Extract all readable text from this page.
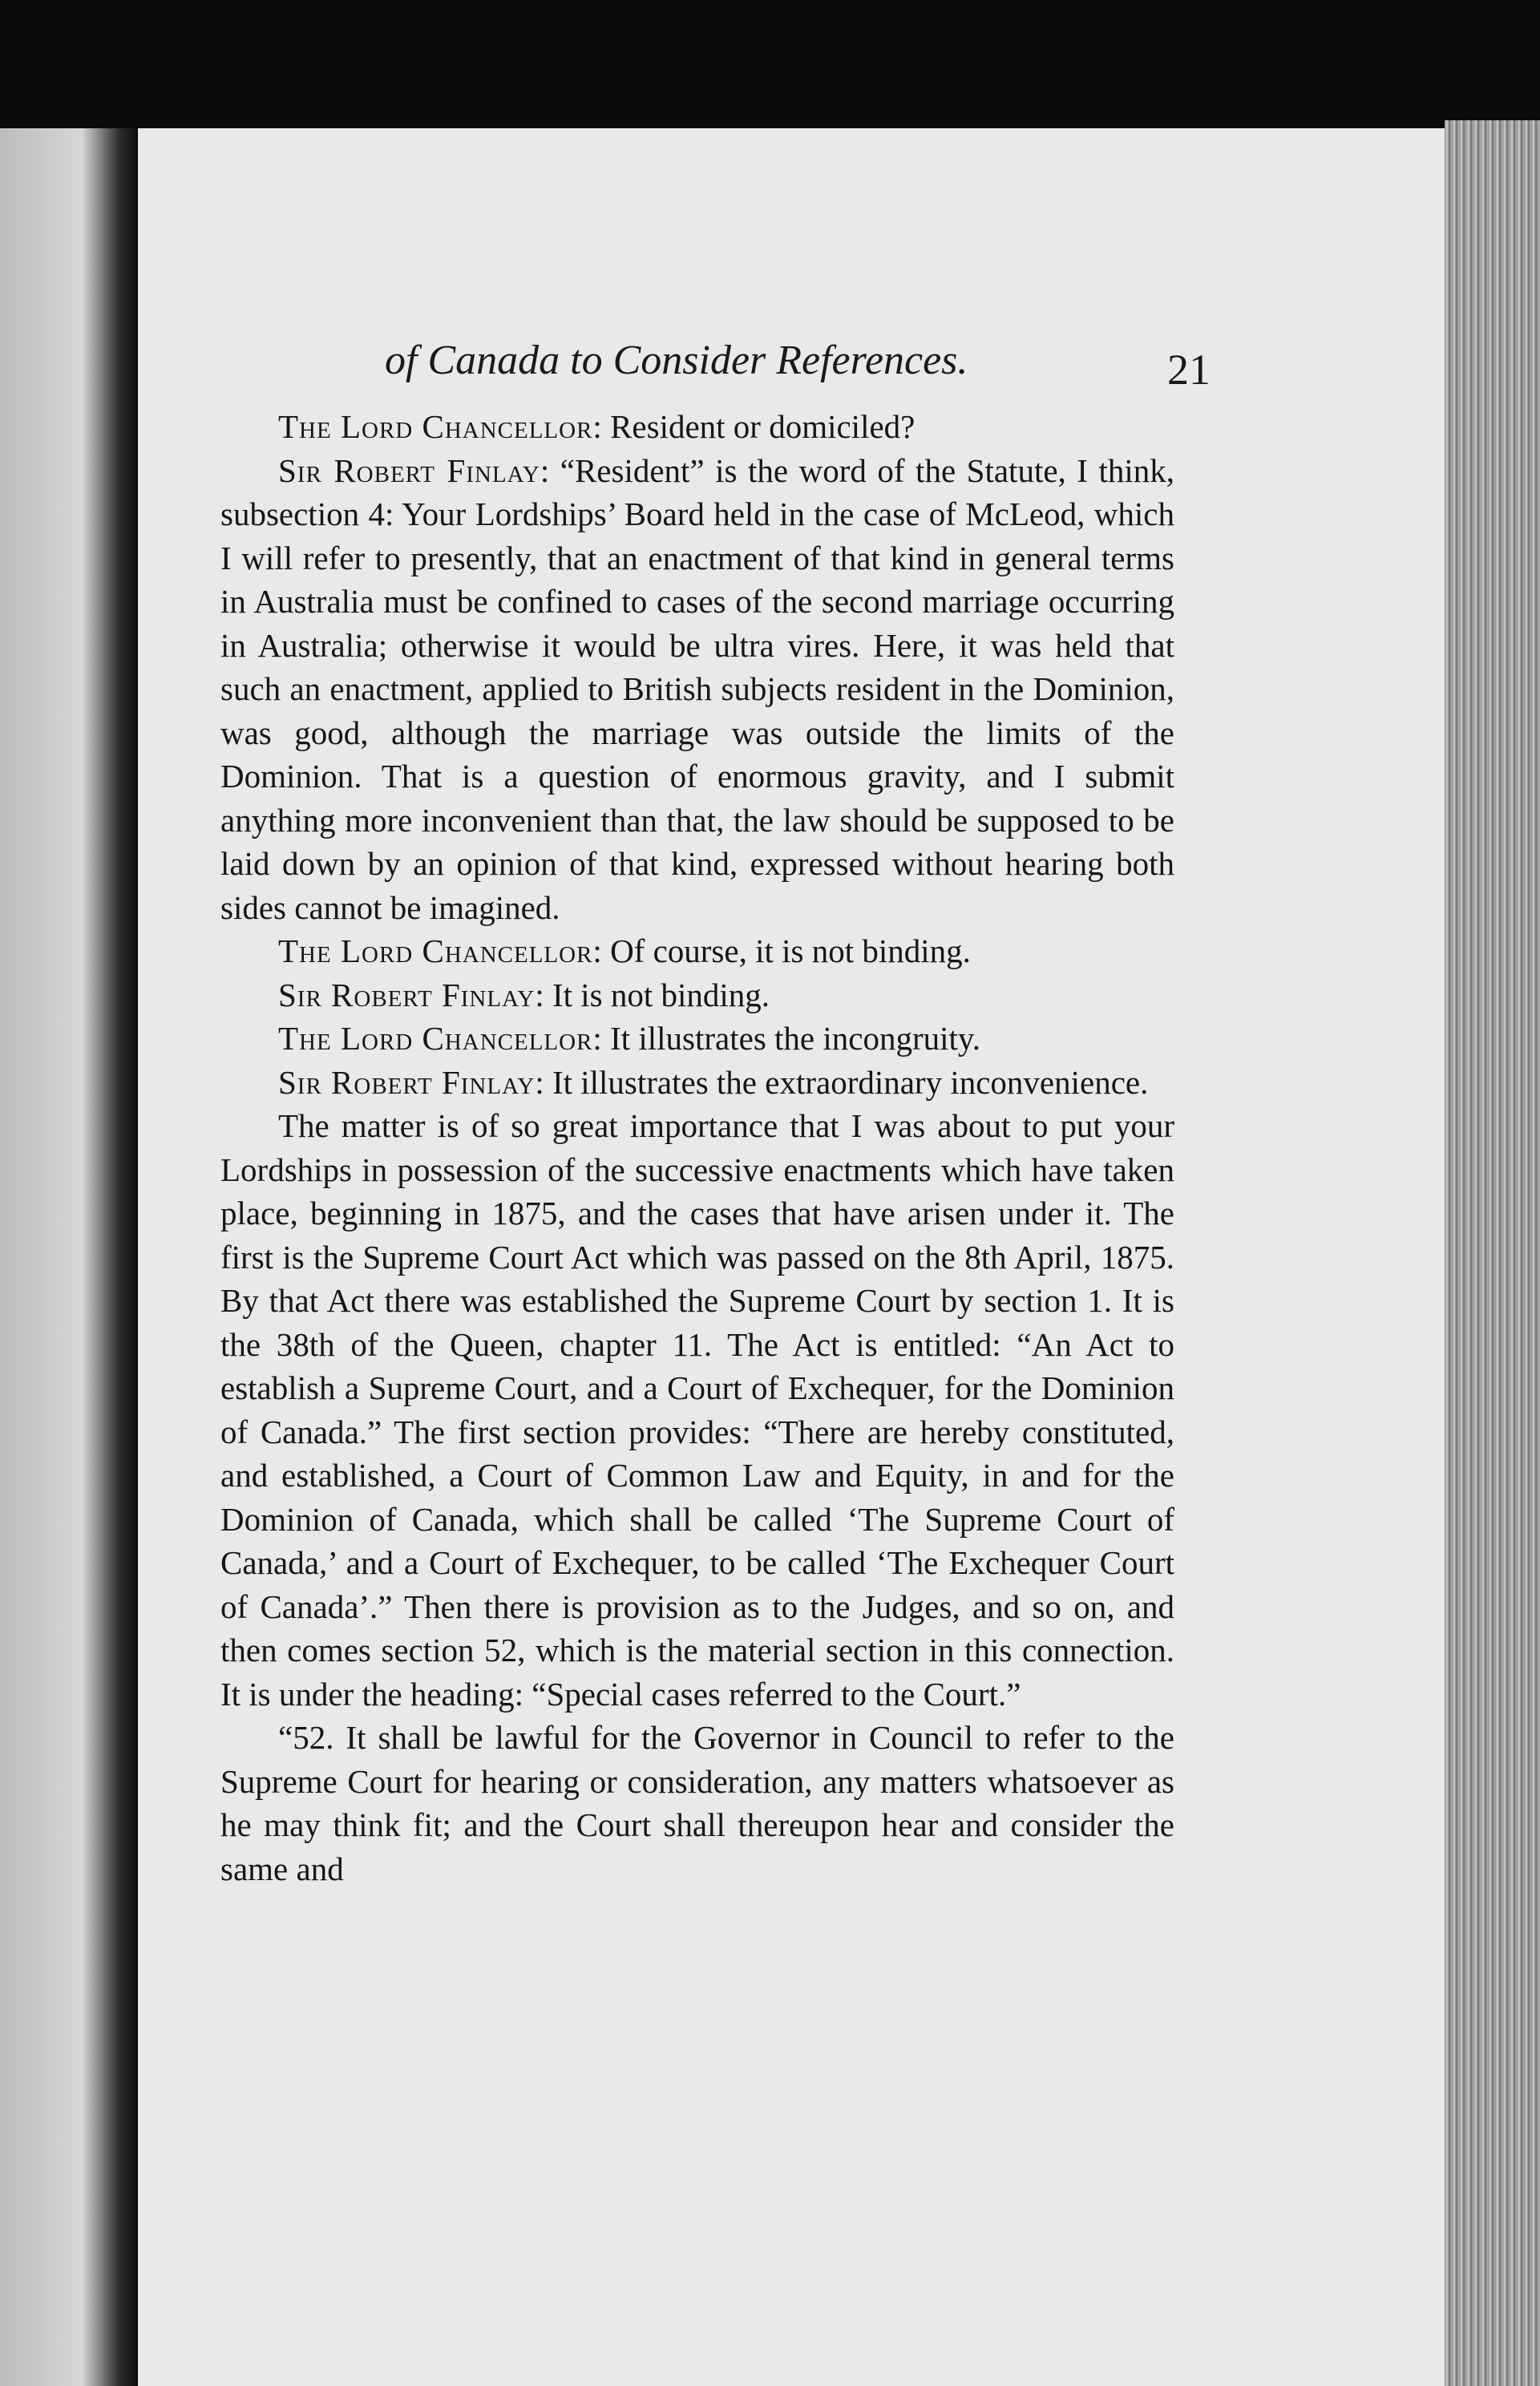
of Canada to Consider References.	21

The Lord Chancellor: Resident or domiciled?

Sir Robert Finlay: “Resident” is the word of the Statute, I think, subsection 4: Your Lordships’ Board held in the case of McLeod, which I will refer to presently, that an enactment of that kind in general terms in Australia must be confined to cases of the second marriage occurring in Australia; otherwise it would be ultra vires. Here, it was held that such an enactment, applied to British subjects resident in the Dominion, was good, although the marriage was outside the limits of the Dominion. That is a question of enormous gravity, and I submit anything more inconvenient than that, the law should be supposed to be laid down by an opinion of that kind, expressed without hearing both sides cannot be imagined.

The Lord Chancellor: Of course, it is not binding.

Sir Robert Finlay: It is not binding.

The Lord Chancellor: It illustrates the incongruity.

Sir Robert Finlay: It illustrates the extraordinary inconvenience.

The matter is of so great importance that I was about to put your Lordships in possession of the successive enactments which have taken place, beginning in 1875, and the cases that have arisen under it. The first is the Supreme Court Act which was passed on the 8th April, 1875. By that Act there was established the Supreme Court by section 1. It is the 38th of the Queen, chapter 11. The Act is entitled: “An Act to establish a Supreme Court, and a Court of Exchequer, for the Dominion of Canada.” The first section provides: “There are hereby constituted, and established, a Court of Common Law and Equity, in and for the Dominion of Canada, which shall be called ‘The Supreme Court of Canada,’ and a Court of Exchequer, to be called ‘The Exchequer Court of Canada’.” Then there is provision as to the Judges, and so on, and then comes section 52, which is the material section in this connection. It is under the heading: “Special cases referred to the Court.”

“52. It shall be lawful for the Governor in Council to refer to the Supreme Court for hearing or consideration, any matters whatsoever as he may think fit; and the Court shall thereupon hear and consider the same and
